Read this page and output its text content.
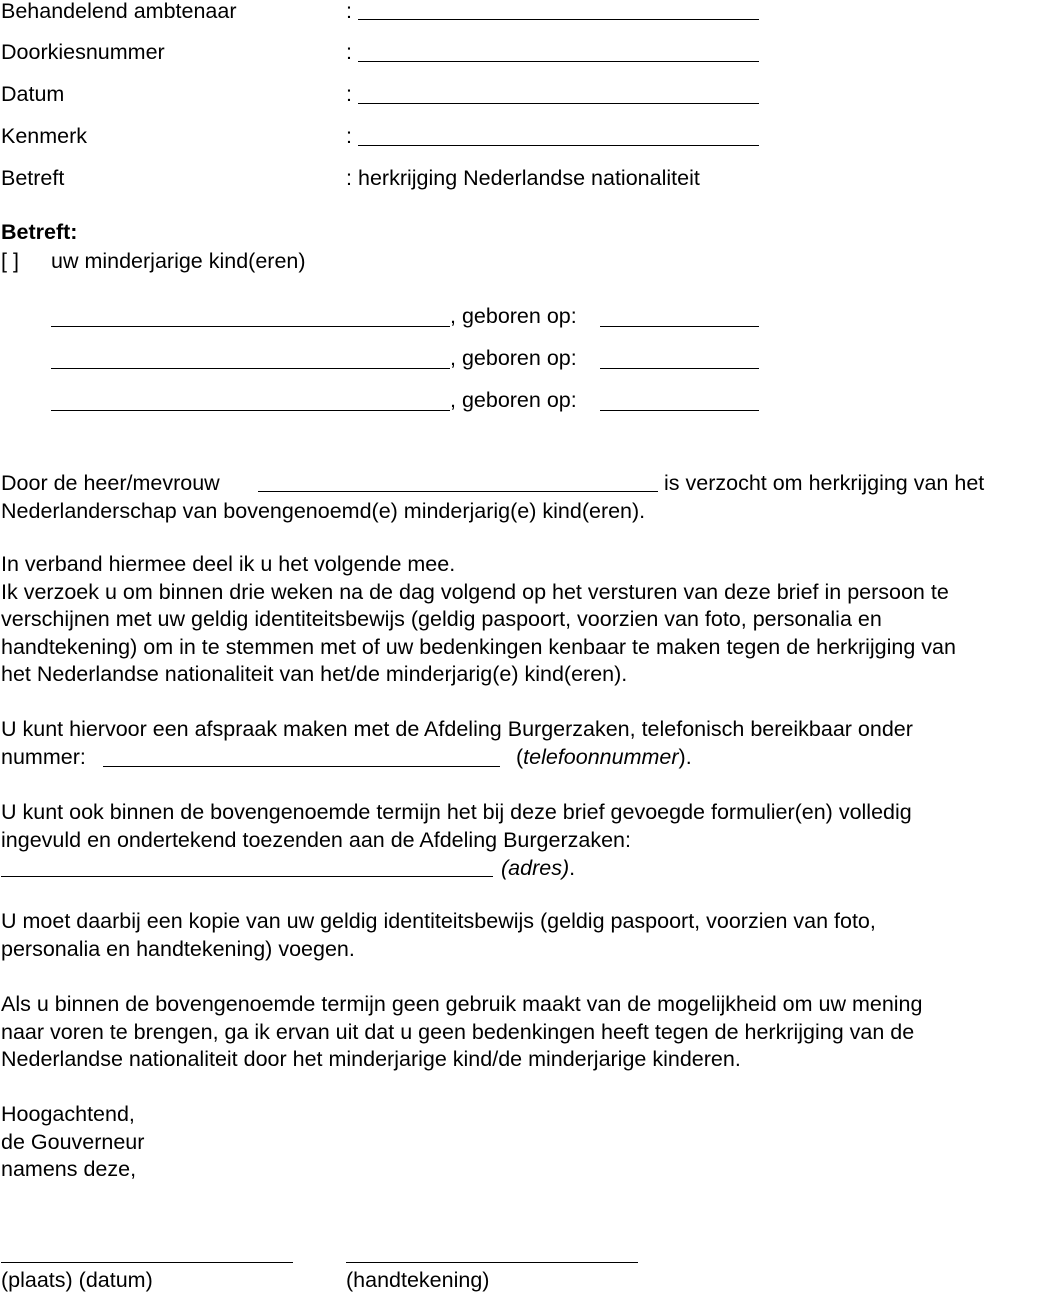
Behandelend ambtenaar	:
Doorkiesnummer	:
Datum	:
Kenmerk	:
Betreft	: herkrijging Nederlandse nationaliteit
Betreft:
[ ] uw minderjarige kind(eren)
, geboren op:
, geboren op:
, geboren op:
Door de heer/mevrouw	is verzocht om herkrijging van het
Nederlanderschap van bovengenoemd(e) minderjarig(e) kind(eren).
In verband hiermee deel ik u het volgende mee.
Ik verzoek u om binnen drie weken na de dag volgend op het versturen van deze brief in persoon te
verschijnen met uw geldig identiteitsbewijs (geldig paspoort, voorzien van foto, personalia en
handtekening) om in te stemmen met of uw bedenkingen kenbaar te maken tegen de herkrijging van
het Nederlandse nationaliteit van het/de minderjarig(e) kind(eren).
U kunt hiervoor een afspraak maken met de Afdeling Burgerzaken, telefonisch bereikbaar onder
nummer:	(telefoonnummer).
U kunt ook binnen de bovengenoemde termijn het bij deze brief gevoegde formulier(en) volledig
ingevuld en ondertekend toezenden aan de Afdeling Burgerzaken:
(adres).
U moet daarbij een kopie van uw geldig identiteitsbewijs (geldig paspoort, voorzien van foto,
personalia en handtekening) voegen.
Als u binnen de bovengenoemde termijn geen gebruik maakt van de mogelijkheid om uw mening
naar voren te brengen, ga ik ervan uit dat u geen bedenkingen heeft tegen de herkrijging van de
Nederlandse nationaliteit door het minderjarige kind/de minderjarige kinderen.
Hoogachtend,
de Gouverneur
namens deze,
(plaats) (datum)	(handtekening)
